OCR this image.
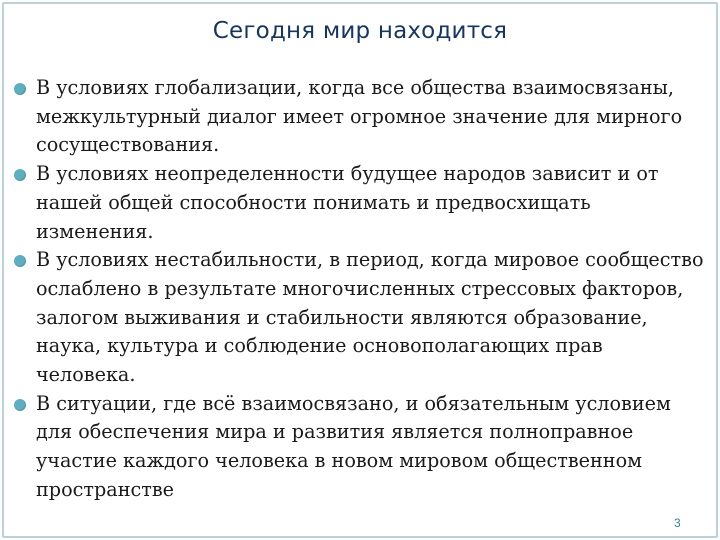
Сегодня мир находится
В условиях глобализации, когда все общества взаимосвязаны, межкультурный диалог имеет огромное значение для мирного сосуществования.
В условиях неопределенности будущее народов зависит и от нашей общей способности понимать и предвосхищать изменения.
В условиях нестабильности, в период, когда мировое сообщество ослаблено в результате многочисленных стрессовых факторов, залогом выживания и стабильности являются образование, наука, культура и соблюдение основополагающих прав человека.
В ситуации, где всё взаимосвязано, и обязательным условием для обеспечения мира и развития является полноправное участие каждого человека в новом мировом общественном пространстве
3
